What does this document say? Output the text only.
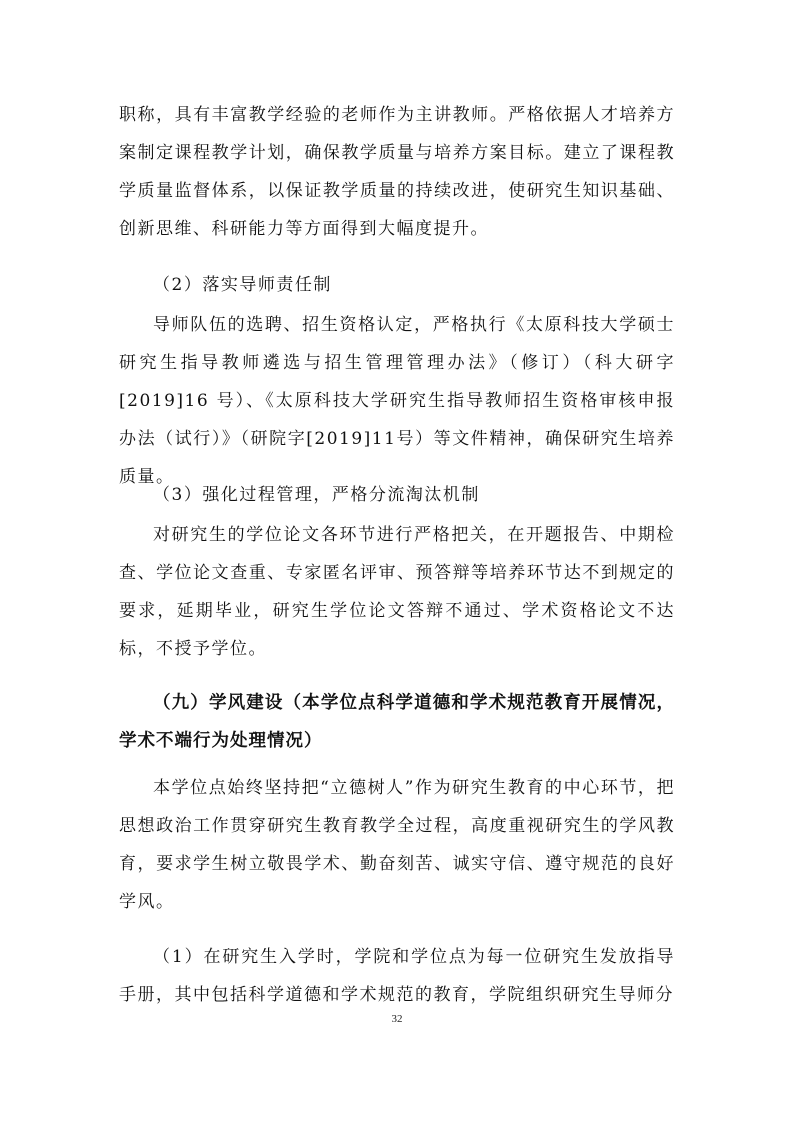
职称，具有丰富教学经验的老师作为主讲教师。严格依据人才培养方案制定课程教学计划，确保教学质量与培养方案目标。建立了课程教学质量监督体系，以保证教学质量的持续改进，使研究生知识基础、创新思维、科研能力等方面得到大幅度提升。

（2）落实导师责任制

导师队伍的选聘、招生资格认定，严格执行《太原科技大学硕士研究生指导教师遴选与招生管理管理办法》（修订）（科大研字[2019]16 号）、《太原科技大学研究生指导教师招生资格审核申报办法（试行）》（研院字[2019]11号）等文件精神，确保研究生培养质量。

（3）强化过程管理，严格分流淘汰机制

对研究生的学位论文各环节进行严格把关，在开题报告、中期检查、学位论文查重、专家匿名评审、预答辩等培养环节达不到规定的要求，延期毕业，研究生学位论文答辩不通过、学术资格论文不达标，不授予学位。

（九）学风建设（本学位点科学道德和学术规范教育开展情况，学术不端行为处理情况）

本学位点始终坚持把“立德树人”作为研究生教育的中心环节，把思想政治工作贯穿研究生教育教学全过程，高度重视研究生的学风教育，要求学生树立敬畏学术、勤奋刻苦、诚实守信、遵守规范的良好学风。

（1）在研究生入学时，学院和学位点为每一位研究生发放指导手册，其中包括科学道德和学术规范的教育，学院组织研究生导师分

32
